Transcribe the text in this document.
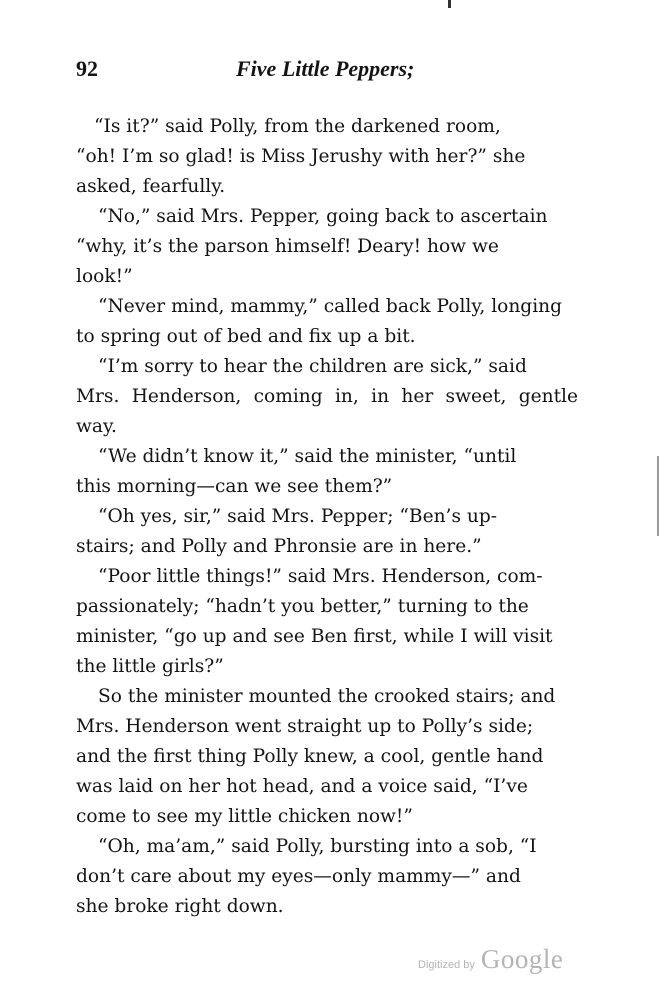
92	Five Little Peppers;

“Is it?” said Polly, from the darkened room,
“oh! I’m so glad! is Miss Jerushy with her?” she
asked, fearfully.

“No,” said Mrs. Pepper, going back to ascertain
“why, it’s the parson himself! Deary! how we
look!”

“Never mind, mammy,” called back Polly, longing
to spring out of bed and fix up a bit.

“I’m sorry to hear the children are sick,” said
Mrs. Henderson, coming in, in her sweet, gentle way.

“We didn’t know it,” said the minister, “until
this morning—can we see them?”

“Oh yes, sir,” said Mrs. Pepper; “Ben’s up-
stairs; and Polly and Phronsie are in here.”

“Poor little things!” said Mrs. Henderson, com-
passionately; “hadn’t you better,” turning to the
minister, “go up and see Ben first, while I will visit
the little girls?”

So the minister mounted the crooked stairs; and
Mrs. Henderson went straight up to Polly’s side;
and the first thing Polly knew, a cool, gentle hand
was laid on her hot head, and a voice said, “I’ve
come to see my little chicken now!”

“Oh, ma’am,” said Polly, bursting into a sob, “I
don’t care about my eyes—only mammy—” and
she broke right down.

Digitized by Google
